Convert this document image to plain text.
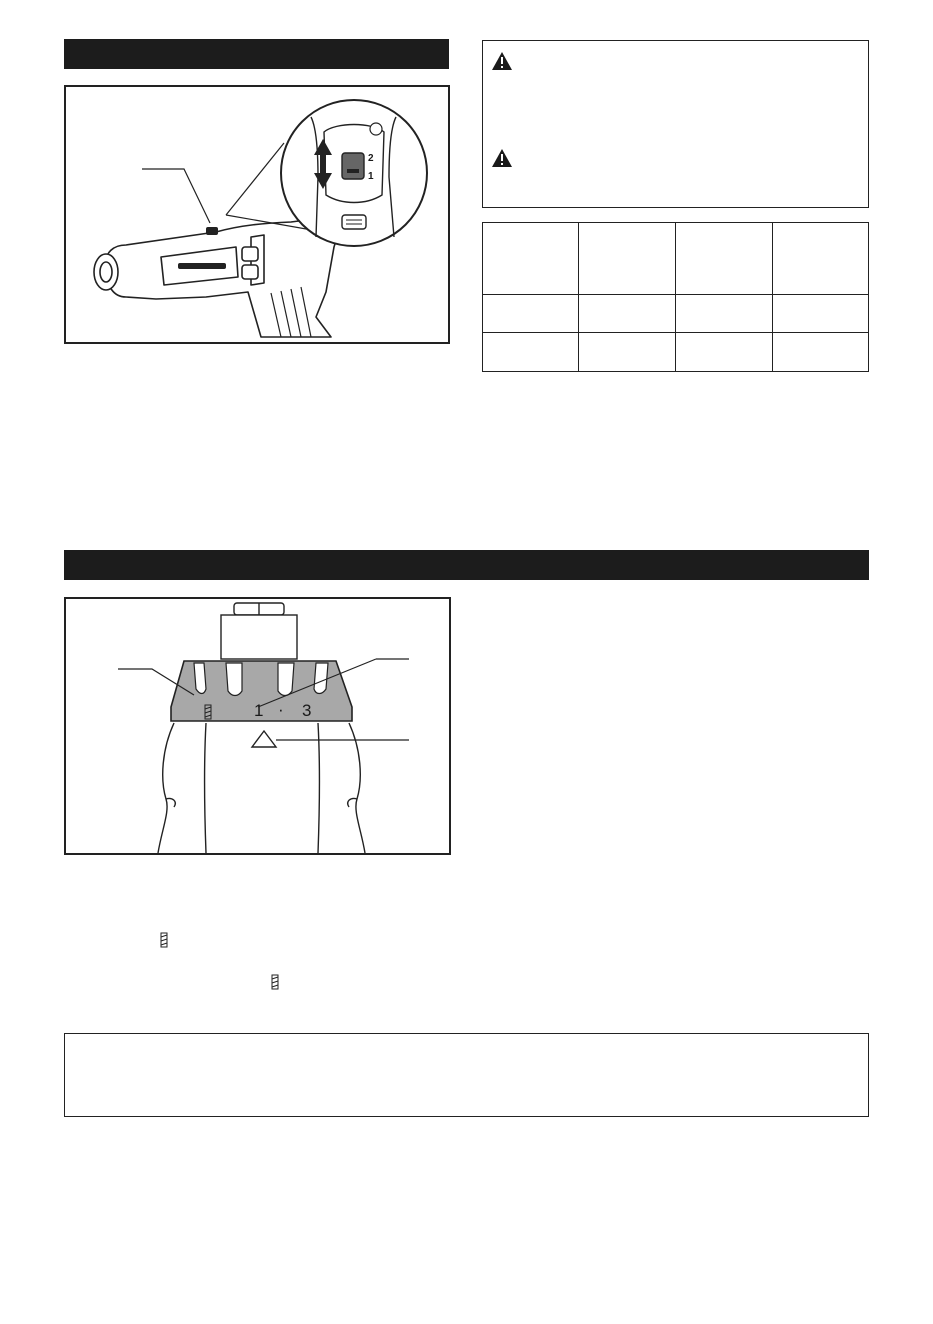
2
1

1 · 3
